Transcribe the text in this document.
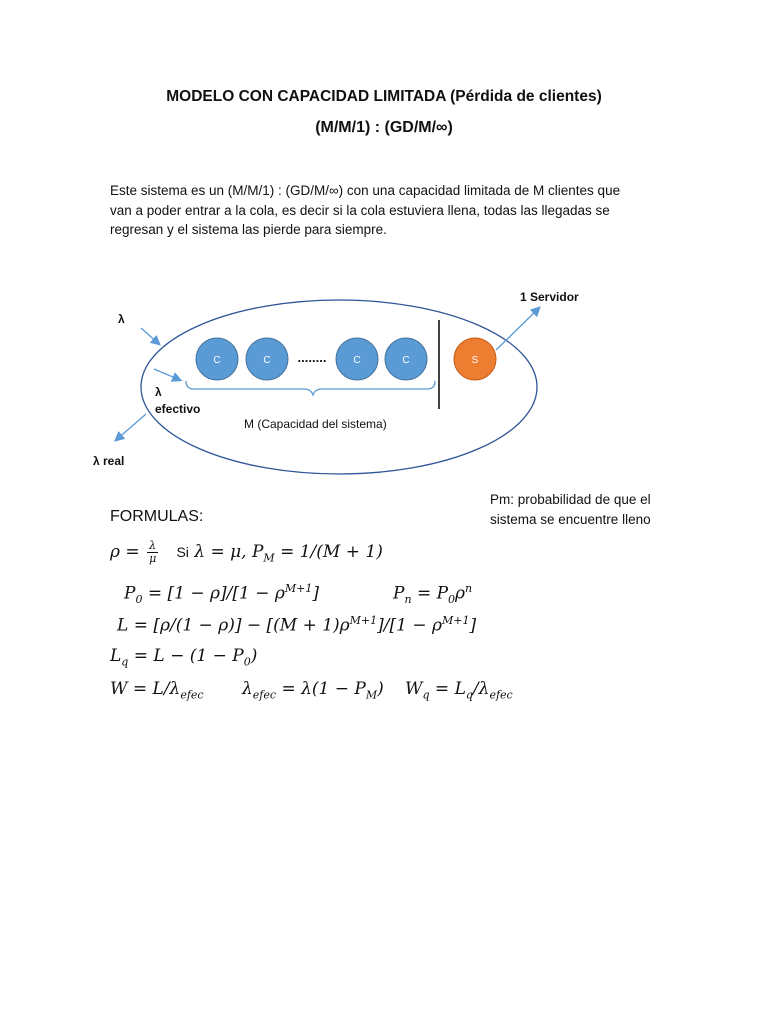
MODELO CON CAPACIDAD LIMITADA (Pérdida de clientes)
(M/M/1) : (GD/M/∞)
Este sistema es un (M/M/1) : (GD/M/∞) con una capacidad limitada de M clientes que
van a poder entrar a la cola, es decir si la cola estuviera llena, todas las llegadas se
regresan y el sistema las pierde para siempre.
C	C	C	C	S
........
λ
λ
efectivo
λ real
1 Servidor
M (Capacidad del sistema)
Pm: probabilidad de que el sistema se encuentre lleno
FORMULAS:
$\rho = \frac{\lambda}{\mu}$ Si λ = μ, $P_M = 1/(M + 1)$
$P_0 = [1 - \rho]/[1 - \rho^{M+1}]$	$P_n = P_0\rho^n$
$L = [\rho/(1 - \rho)] - [(M + 1)\rho^{M+1}]/[1 - \rho^{M+1}]$
$L_q = L - (1 - P_0)$
$W = L/\lambda_{efec}$ $\lambda_{efec} = \lambda(1 - P_M) W_q = L_q/\lambda_{efec}$
